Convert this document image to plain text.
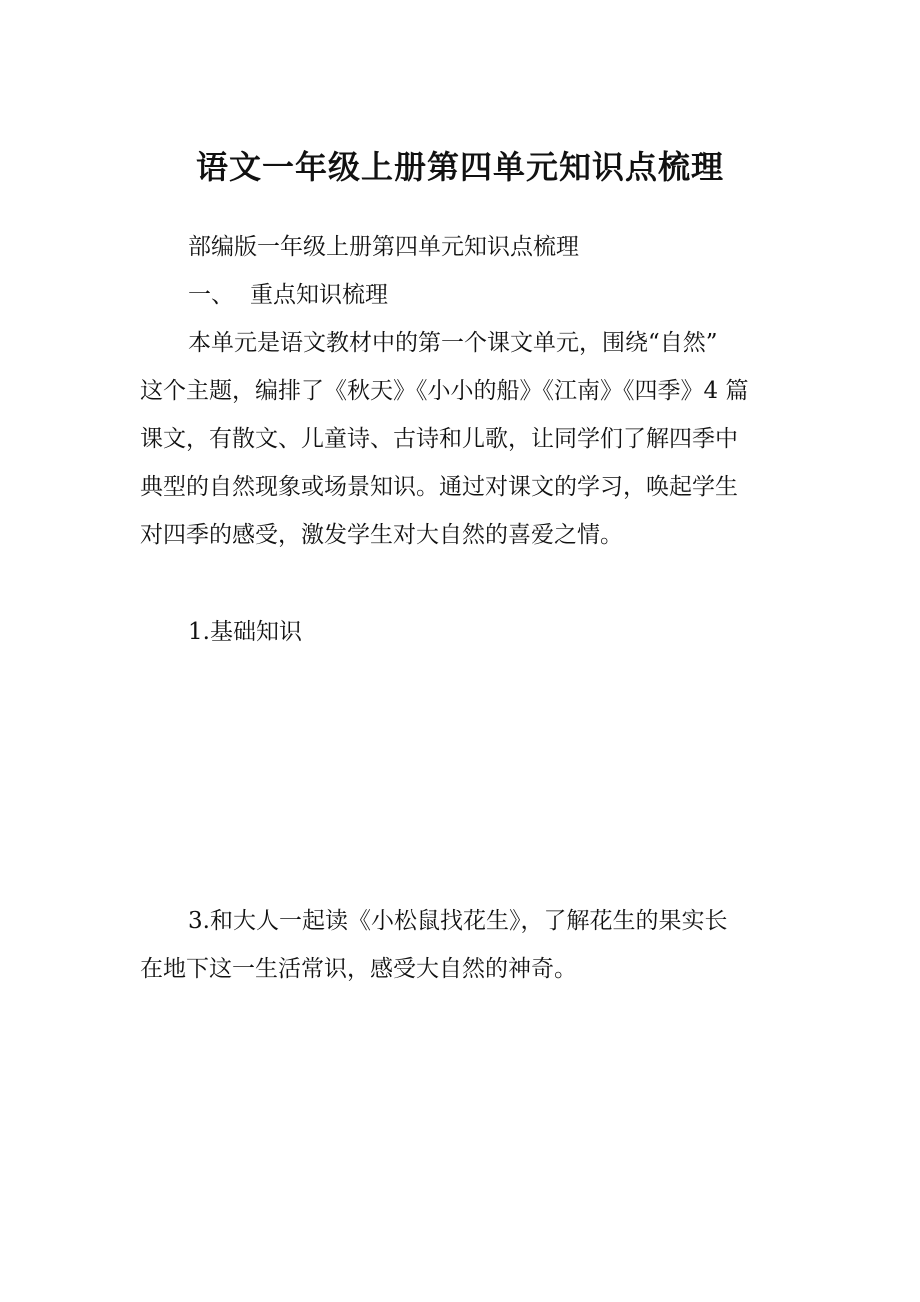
语文一年级上册第四单元知识点梳理
部编版一年级上册第四单元知识点梳理
一、 重点知识梳理
本单元是语文教材中的第一个课文单元，围绕“自然”
这个主题，编排了《秋天》《小小的船》《江南》《四季》4 篇
课文，有散文、儿童诗、古诗和儿歌，让同学们了解四季中
典型的自然现象或场景知识。通过对课文的学习，唤起学生
对四季的感受，激发学生对大自然的喜爱之情。
1.基础知识
3.和大人一起读《小松鼠找花生》，了解花生的果实长
在地下这一生活常识，感受大自然的神奇。
